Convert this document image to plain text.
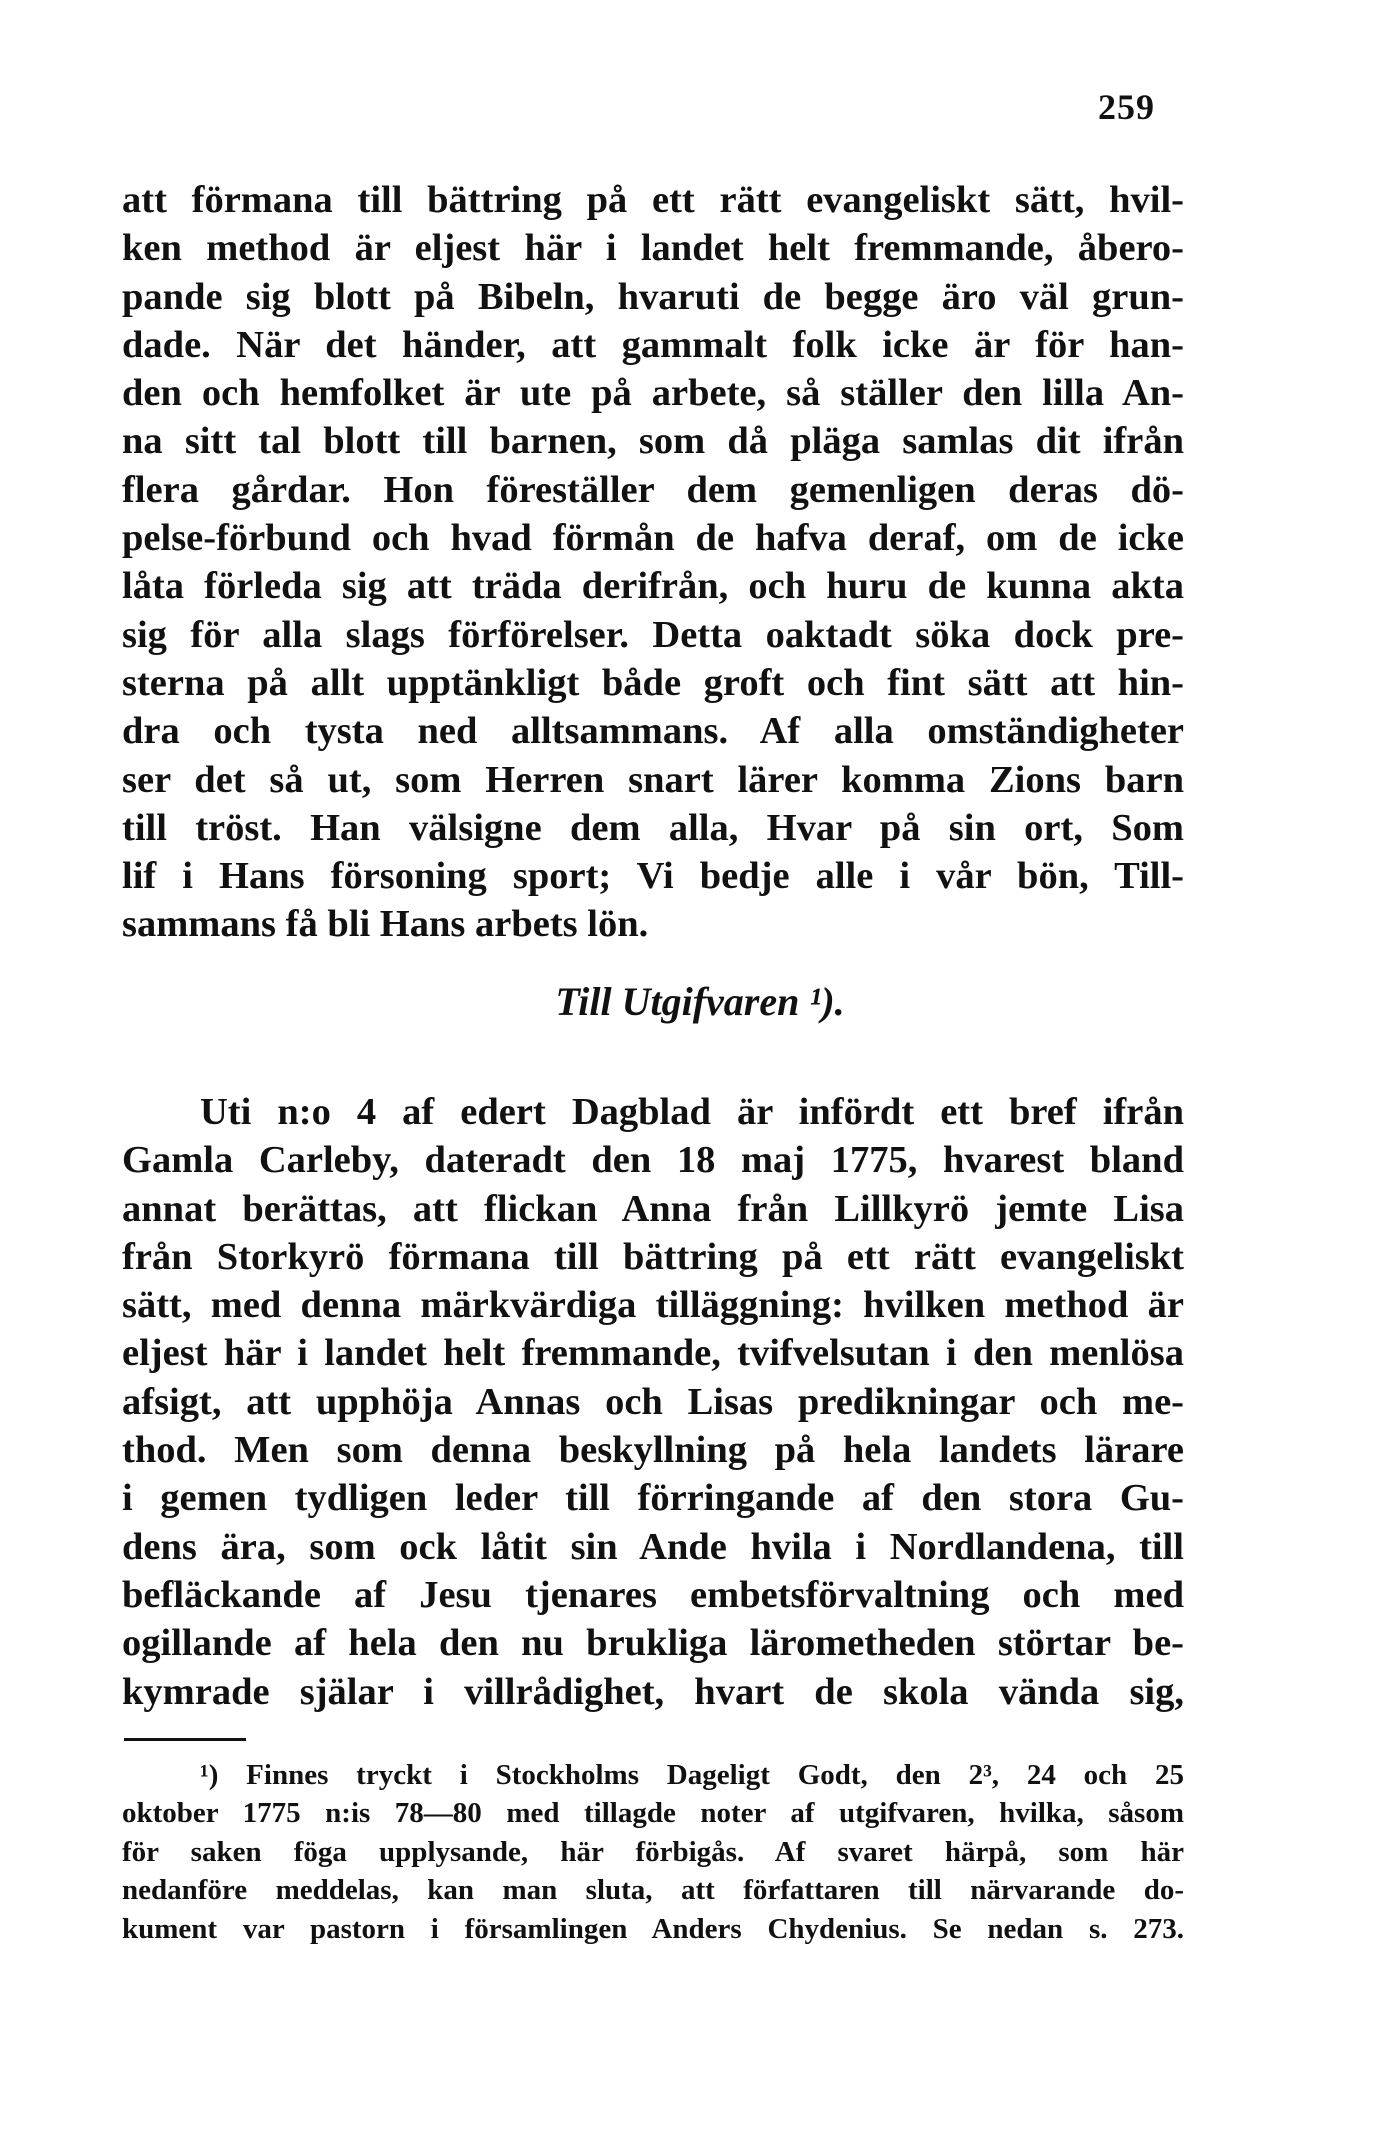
259
att förmana till bättring på ett rätt evangeliskt sätt, hvil-
ken method är eljest här i landet helt fremmande, åbero-
pande sig blott på Bibeln, hvaruti de begge äro väl grun-
dade. När det händer, att gammalt folk icke är för han-
den och hemfolket är ute på arbete, så ställer den lilla An-
na sitt tal blott till barnen, som då pläga samlas dit ifrån
flera gårdar. Hon föreställer dem gemenligen deras dö-
pelse-förbund och hvad förmån de hafva deraf, om de icke
låta förleda sig att träda derifrån, och huru de kunna akta
sig för alla slags förförelser. Detta oaktadt söka dock pre-
sterna på allt upptänkligt både groft och fint sätt att hin-
dra och tysta ned alltsammans. Af alla omständigheter
ser det så ut, som Herren snart lärer komma Zions barn
till tröst. Han välsigne dem alla, Hvar på sin ort, Som
lif i Hans försoning sport; Vi bedje alle i vår bön, Till-
sammans få bli Hans arbets lön.
Till Utgifvaren ¹).
Uti n:o 4 af edert Dagblad är infördt ett bref ifrån
Gamla Carleby, dateradt den 18 maj 1775, hvarest bland
annat berättas, att flickan Anna från Lillkyrö jemte Lisa
från Storkyrö förmana till bättring på ett rätt evangeliskt
sätt, med denna märkvärdiga tilläggning: hvilken method är
eljest här i landet helt fremmande, tvifvelsutan i den menlösa
afsigt, att upphöja Annas och Lisas predikningar och me-
thod. Men som denna beskyllning på hela landets lärare
i gemen tydligen leder till förringande af den stora Gu-
dens ära, som ock låtit sin Ande hvila i Nordlandena, till
befläckande af Jesu tjenares embetsförvaltning och med
ogillande af hela den nu brukliga lärometheden störtar be-
kymrade själar i villrådighet, hvart de skola vända sig,
¹) Finnes tryckt i Stockholms Dageligt Godt, den 2³, 24 och 25
oktober 1775 n:is 78—80 med tillagde noter af utgifvaren, hvilka, såsom
för saken föga upplysande, här förbigås. Af svaret härpå, som här
nedanföre meddelas, kan man sluta, att författaren till närvarande do-
kument var pastorn i församlingen Anders Chydenius. Se nedan s. 273.
